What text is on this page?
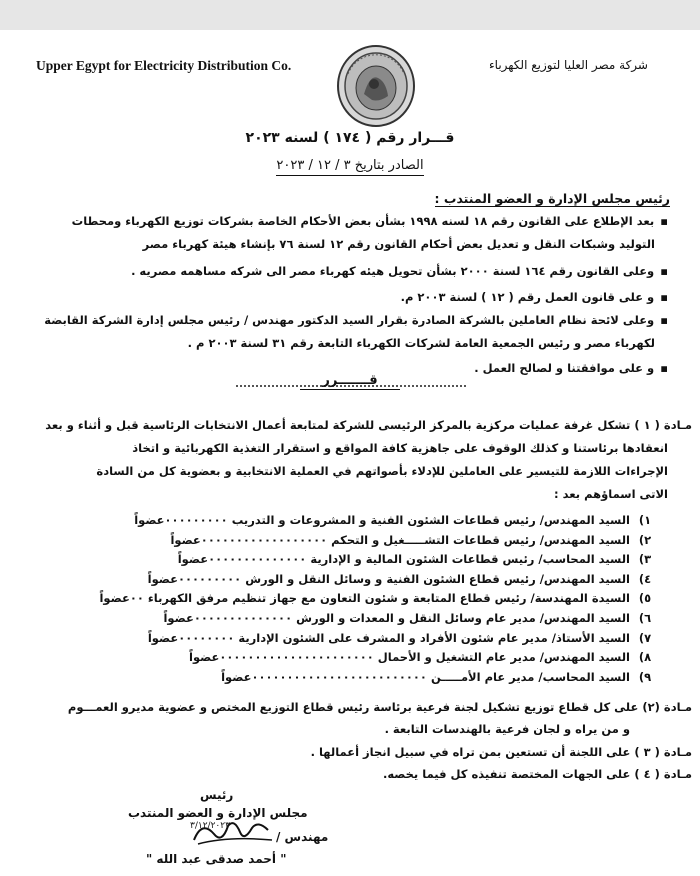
Upper Egypt for Electricity Distribution Co.	شركة مصر العليا لتوزيع الكهرباء
قـــرار رقم ( ١٧٤ ) لسنه ٢٠٢٣
الصادر بتاريخ ٣ / ١٢ / ٢٠٢٣
رئيس مجلس الإدارة و العضو المنتدب :
▪ بعد الإطلاع على القانون رقم ١٨ لسنه ١٩٩٨ بشأن بعض الأحكام الخاصة بشركات توزيع الكهرباء ومحطات
التوليد وشبكات النقل و تعديل بعض أحكام القانون رقم ١٢ لسنة ٧٦ بإنشاء هيئة كهرباء مصر
▪ وعلى القانون رقم ١٦٤ لسنة ٢٠٠٠ بشأن تحويل هيئه كهرباء مصر الى شركه مساهمه مصريه .
▪ و على قانون العمل رقم ( ١٢ ) لسنة ٢٠٠٣ م.
▪ وعلى لائحة نظام العاملين بالشركة الصادرة بقرار السيد الدكتور مهندس / رئيس مجلس إدارة الشركة القابضة
لكهرباء مصر و رئيس الجمعية العامة لشركات الكهرباء التابعة رقم ٣١ لسنة ٢٠٠٣ م .
▪ و على موافقتنا و لصالح العمل .
قـــــــرر
مـادة ( ١ ) تشكل غرفة عمليات مركزية بالمركز الرئيسى للشركة لمتابعة أعمال الانتخابات الرئاسية قبل و أثناء و بعد
انعقادها برئاستنا و كذلك الوقوف على جاهزية كافة المواقع و استقرار التغذية الكهربائية و اتخاذ
الإجراءات اللازمة للتيسير على العاملين للإدلاء بأصواتهم في العملية الانتخابية و بعضوية كل من السادة
الاتى اسماؤهم بعد :
١) السيد المهندس/ رئيس قطاعات الشئون الفنية و المشروعات و التدريب ٠٠٠٠٠٠٠٠٠عضواً
٢) السيد المهندس/ رئيس قطاعات التشـــــغيل و التحكم ٠٠٠٠٠٠٠٠٠٠٠٠٠٠٠٠٠٠عضواً
٣) السيد المحاسب/ رئيس قطاعات الشئون المالية و الإدارية ٠٠٠٠٠٠٠٠٠٠٠٠٠٠عضواً
٤) السيد المهندس/ رئيس قطاع الشئون الفنية و وسائل النقل و الورش ٠٠٠٠٠٠٠٠٠عضواً
٥) السيدة المهندسة/ رئيس قطاع المتابعة و شئون التعاون مع جهاز تنظيم مرفق الكهرباء ٠٠عضواً
٦) السيد المهندس/ مدير عام وسائل النقل و المعدات و الورش ٠٠٠٠٠٠٠٠٠٠٠٠٠٠عضواً
٧) السيد الأستاذ/ مدير عام شئون الأفراد و المشرف على الشئون الإدارية ٠٠٠٠٠٠٠٠عضواً
٨) السيد المهندس/ مدير عام التشغيل و الأحمال ٠٠٠٠٠٠٠٠٠٠٠٠٠٠٠٠٠٠٠٠٠٠عضواً
٩) السيد المحاسب/ مدير عام الأمـــــن ٠٠٠٠٠٠٠٠٠٠٠٠٠٠٠٠٠٠٠٠٠٠٠٠٠عضواً
مـادة (٢) على كل قطاع توزيع تشكيل لجنة فرعية برئاسة رئيس قطاع التوزيع المختص و عضوية مديرو العمـــوم
و من يراه و لجان فرعية بالهندسات التابعة .
مـادة ( ٣ ) على اللجنة أن تستعين بمن تراه في سبيل انجاز أعمالها .
مـادة ( ٤ ) على الجهات المختصة تنفيذه كل فيما يخصه.
رئيس
مجلس الإدارة و العضو المنتدب
مهندس /
" أحمد صدقى عبد الله "
٣/١٢/٢٠٢٣
